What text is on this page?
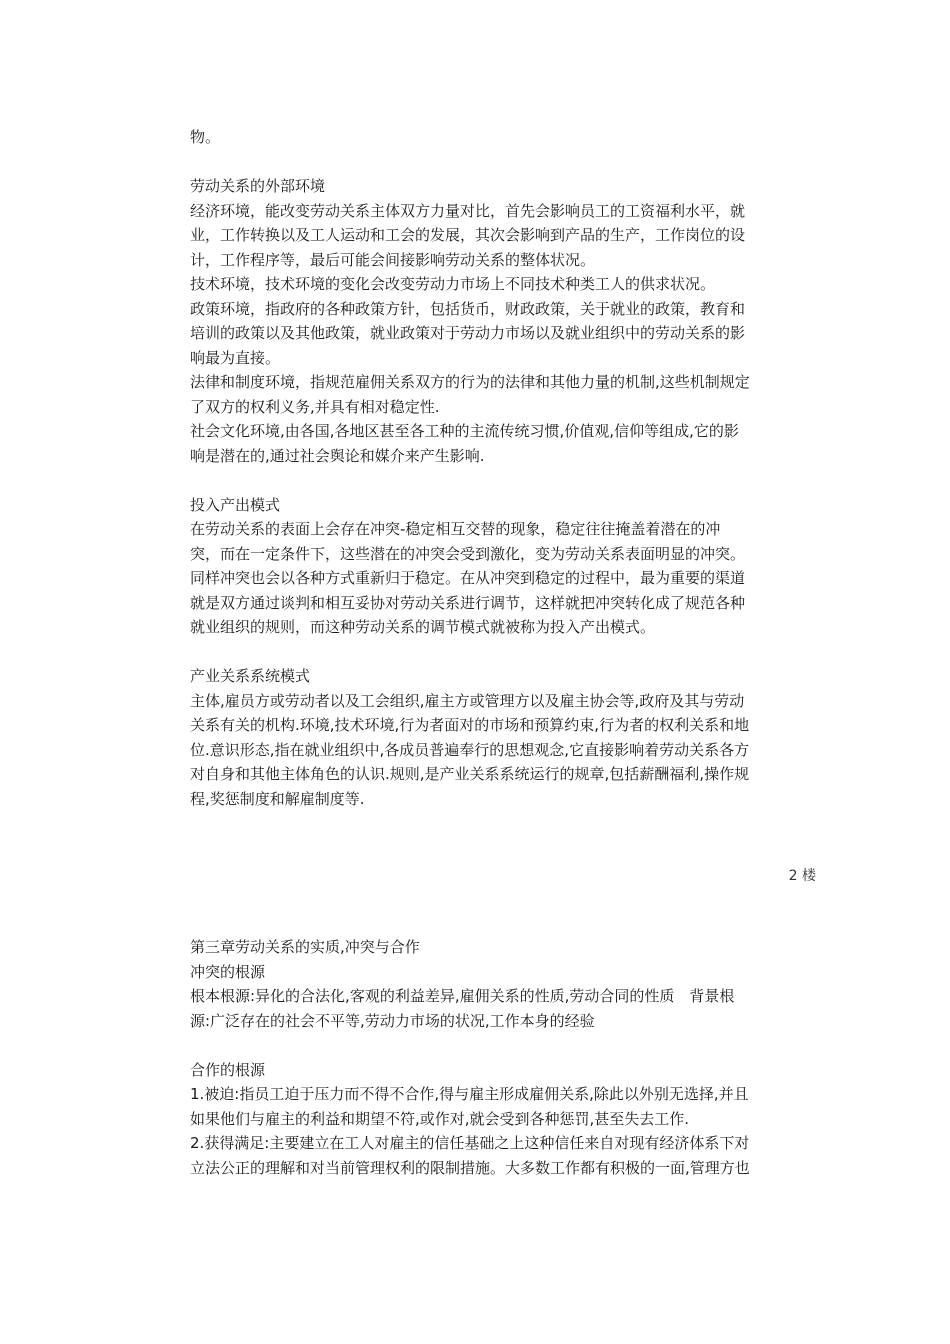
物。
劳动关系的外部环境
经济环境，能改变劳动关系主体双方力量对比，首先会影响员工的工资福利水平，就
业，工作转换以及工人运动和工会的发展，其次会影响到产品的生产，工作岗位的设
计，工作程序等，最后可能会间接影响劳动关系的整体状况。
技术环境，技术环境的变化会改变劳动力市场上不同技术种类工人的供求状况。
政策环境，指政府的各种政策方针，包括货币，财政政策，关于就业的政策，教育和
培训的政策以及其他政策，就业政策对于劳动力市场以及就业组织中的劳动关系的影
响最为直接。
法律和制度环境，指规范雇佣关系双方的行为的法律和其他力量的机制,这些机制规定
了双方的权利义务,并具有相对稳定性.
社会文化环境,由各国,各地区甚至各工种的主流传统习惯,价值观,信仰等组成,它的影
响是潜在的,通过社会舆论和媒介来产生影响.
投入产出模式
在劳动关系的表面上会存在冲突-稳定相互交替的现象，稳定往往掩盖着潜在的冲
突，而在一定条件下，这些潜在的冲突会受到激化，变为劳动关系表面明显的冲突。
同样冲突也会以各种方式重新归于稳定。在从冲突到稳定的过程中，最为重要的渠道
就是双方通过谈判和相互妥协对劳动关系进行调节，这样就把冲突转化成了规范各种
就业组织的规则，而这种劳动关系的调节模式就被称为投入产出模式。
产业关系系统模式
主体,雇员方或劳动者以及工会组织,雇主方或管理方以及雇主协会等,政府及其与劳动
关系有关的机构.环境,技术环境,行为者面对的市场和预算约束,行为者的权利关系和地
位.意识形态,指在就业组织中,各成员普遍奉行的思想观念,它直接影响着劳动关系各方
对自身和其他主体角色的认识.规则,是产业关系系统运行的规章,包括薪酬福利,操作规
程,奖惩制度和解雇制度等.
2 楼
第三章劳动关系的实质,冲突与合作
冲突的根源
根本根源:异化的合法化,客观的利益差异,雇佣关系的性质,劳动合同的性质　背景根
源:广泛存在的社会不平等,劳动力市场的状况,工作本身的经验
合作的根源
1.被迫:指员工迫于压力而不得不合作,得与雇主形成雇佣关系,除此以外别无选择,并且
如果他们与雇主的利益和期望不符,或作对,就会受到各种惩罚,甚至失去工作.
2.获得满足:主要建立在工人对雇主的信任基础之上这种信任来自对现有经济体系下对
立法公正的理解和对当前管理权利的限制措施。大多数工作都有积极的一面,管理方也
